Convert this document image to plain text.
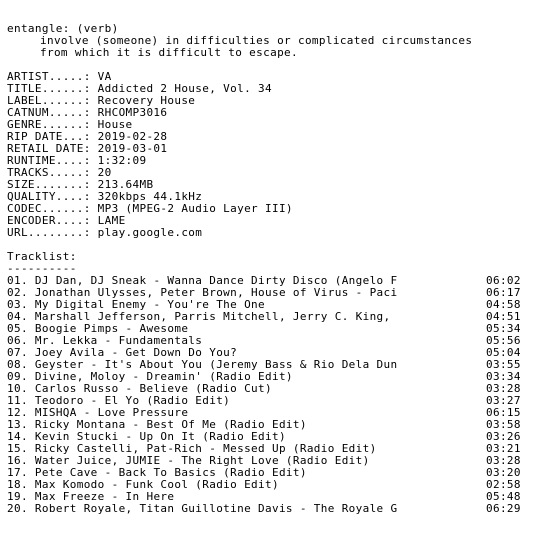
entangle: (verb)
involve (someone) in difficulties or complicated circumstances
from which it is difficult to escape.
ARTIST.....: VA
TITLE......: Addicted 2 House, Vol. 34
LABEL......: Recovery House
CATNUM.....: RHCOMP3016
GENRE......: House
RIP DATE...: 2019-02-28
RETAIL DATE: 2019-03-01
RUNTIME....: 1:32:09
TRACKS.....: 20
SIZE.......: 213.64MB
QUALITY....: 320kbps 44.1kHz
CODEC......: MP3 (MPEG-2 Audio Layer III)
ENCODER....: LAME
URL........: play.google.com
Tracklist:
----------
01. DJ Dan, DJ Sneak - Wanna Dance Dirty Disco (Angelo F	06:02
02. Jonathan Ulysses, Peter Brown, House of Virus - Paci	06:17
03. My Digital Enemy - You're The One	04:58
04. Marshall Jefferson, Parris Mitchell, Jerry C. King,	04:51
05. Boogie Pimps - Awesome	05:34
06. Mr. Lekka - Fundamentals	05:56
07. Joey Avila - Get Down Do You?	05:04
08. Geyster - It's About You (Jeremy Bass & Rio Dela Dun	03:55
09. Divine, Moloy - Dreamin' (Radio Edit)	03:34
10. Carlos Russo - Believe (Radio Cut)	03:28
11. Teodoro - El Yo (Radio Edit)	03:27
12. MISHQA - Love Pressure	06:15
13. Ricky Montana - Best Of Me (Radio Edit)	03:58
14. Kevin Stucki - Up On It (Radio Edit)	03:26
15. Ricky Castelli, Pat-Rich - Messed Up (Radio Edit)	03:21
16. Water Juice, JUMIE - The Right Love (Radio Edit)	03:28
17. Pete Cave - Back To Basics (Radio Edit)	03:20
18. Max Komodo - Funk Cool (Radio Edit)	02:58
19. Max Freeze - In Here	05:48
20. Robert Royale, Titan Guillotine Davis - The Royale G	06:29
